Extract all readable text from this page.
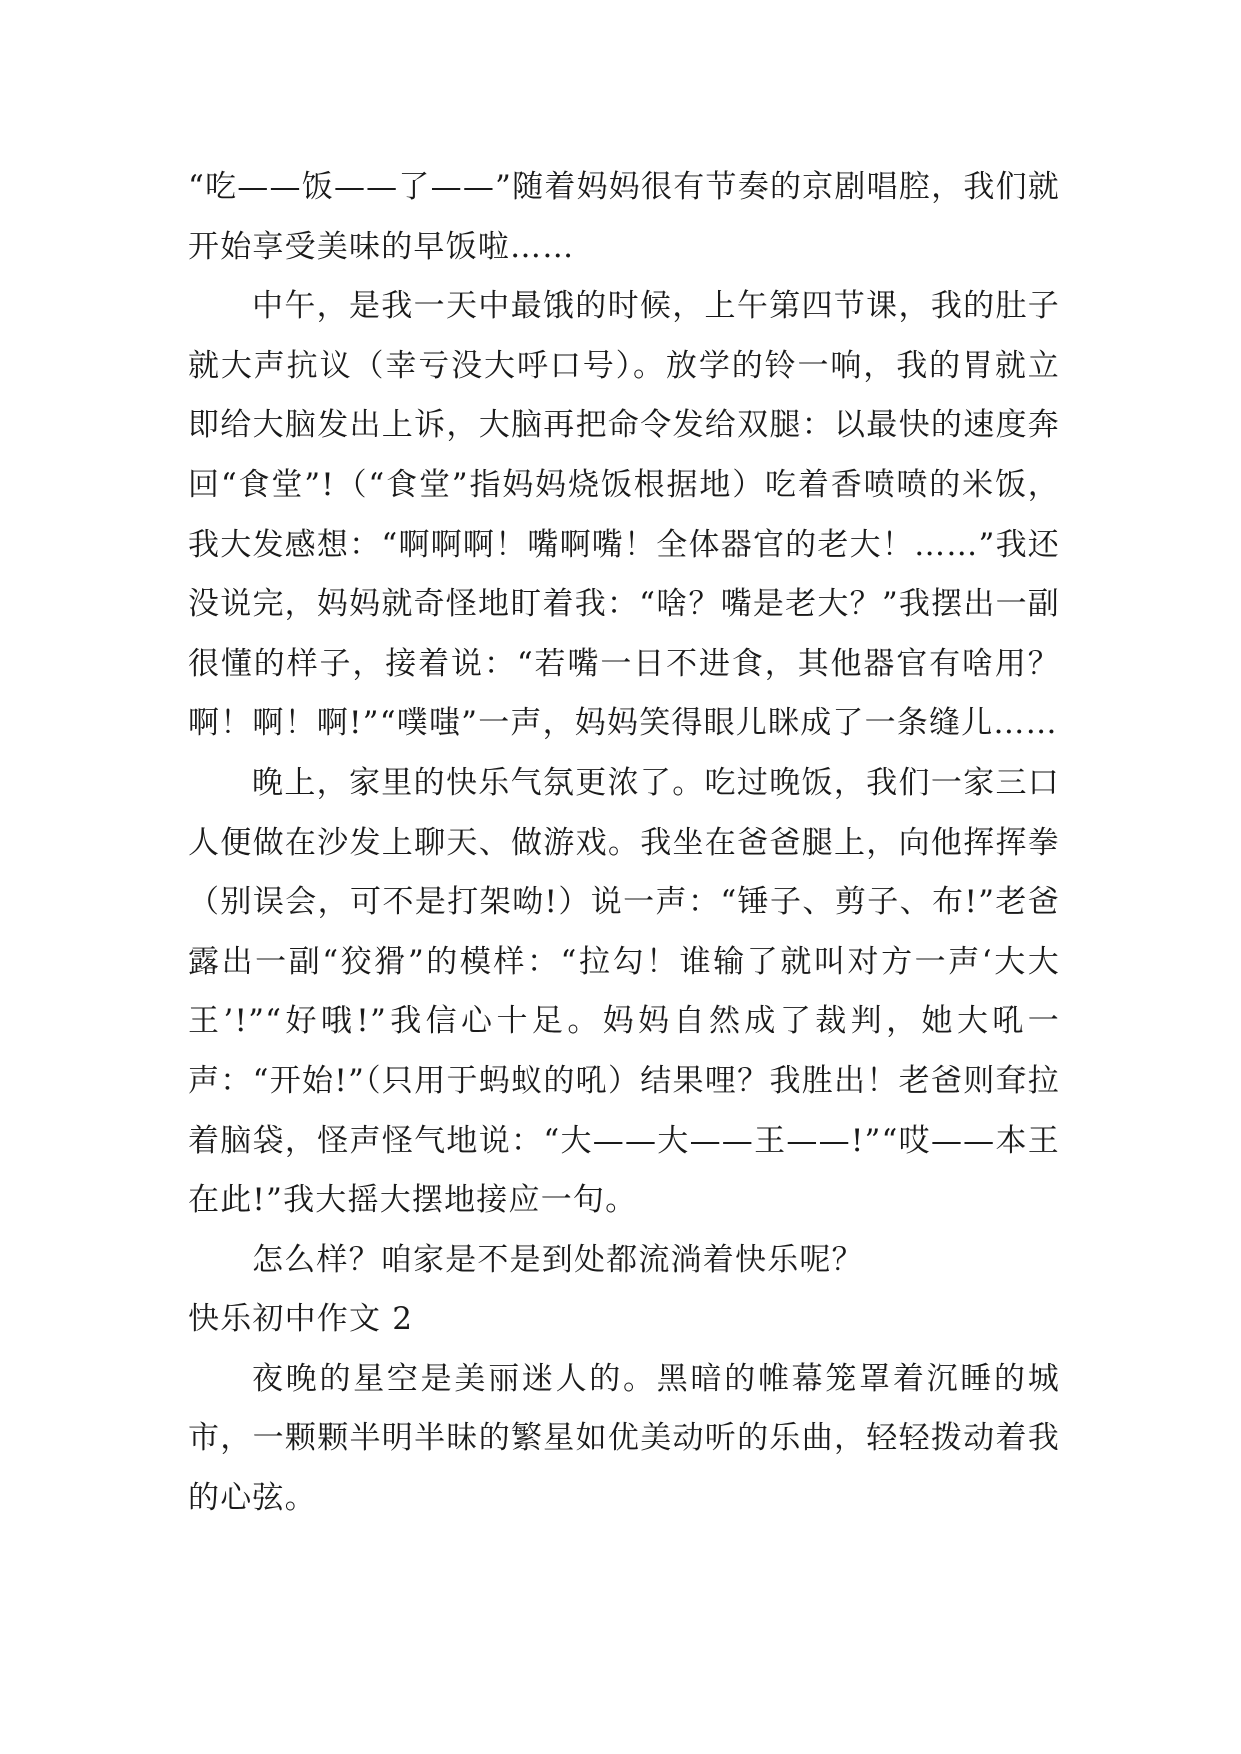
“吃——饭——了——”随着妈妈很有节奏的京剧唱腔，我们就开始享受美味的早饭啦……

中午，是我一天中最饿的时候，上午第四节课，我的肚子就大声抗议（幸亏没大呼口号）。放学的铃一响，我的胃就立即给大脑发出上诉，大脑再把命令发给双腿：以最快的速度奔回“食堂”!（“食堂”指妈妈烧饭根据地）吃着香喷喷的米饭，我大发感想：“啊啊啊！嘴啊嘴！全体器官的老大！……”我还没说完，妈妈就奇怪地盯着我：“啥？嘴是老大？”我摆出一副很懂的样子，接着说：“若嘴一日不进食，其他器官有啥用？啊！啊！啊!”“噗嗤”一声，妈妈笑得眼儿眯成了一条缝儿……

晚上，家里的快乐气氛更浓了。吃过晚饭，我们一家三口人便做在沙发上聊天、做游戏。我坐在爸爸腿上，向他挥挥拳（别误会，可不是打架呦!）说一声：“锤子、剪子、布!”老爸露出一副“狡猾”的模样：“拉勾！谁输了就叫对方一声‘大大王’!”“好哦!”我信心十足。妈妈自然成了裁判，她大吼一声：“开始!”（只用于蚂蚁的吼）结果哩？我胜出！老爸则耷拉着脑袋，怪声怪气地说：“大——大——王——!”“哎——本王在此!”我大摇大摆地接应一句。

怎么样？咱家是不是到处都流淌着快乐呢？

快乐初中作文 2

夜晚的星空是美丽迷人的。黑暗的帷幕笼罩着沉睡的城市，一颗颗半明半昧的繁星如优美动听的乐曲，轻轻拨动着我的心弦。
